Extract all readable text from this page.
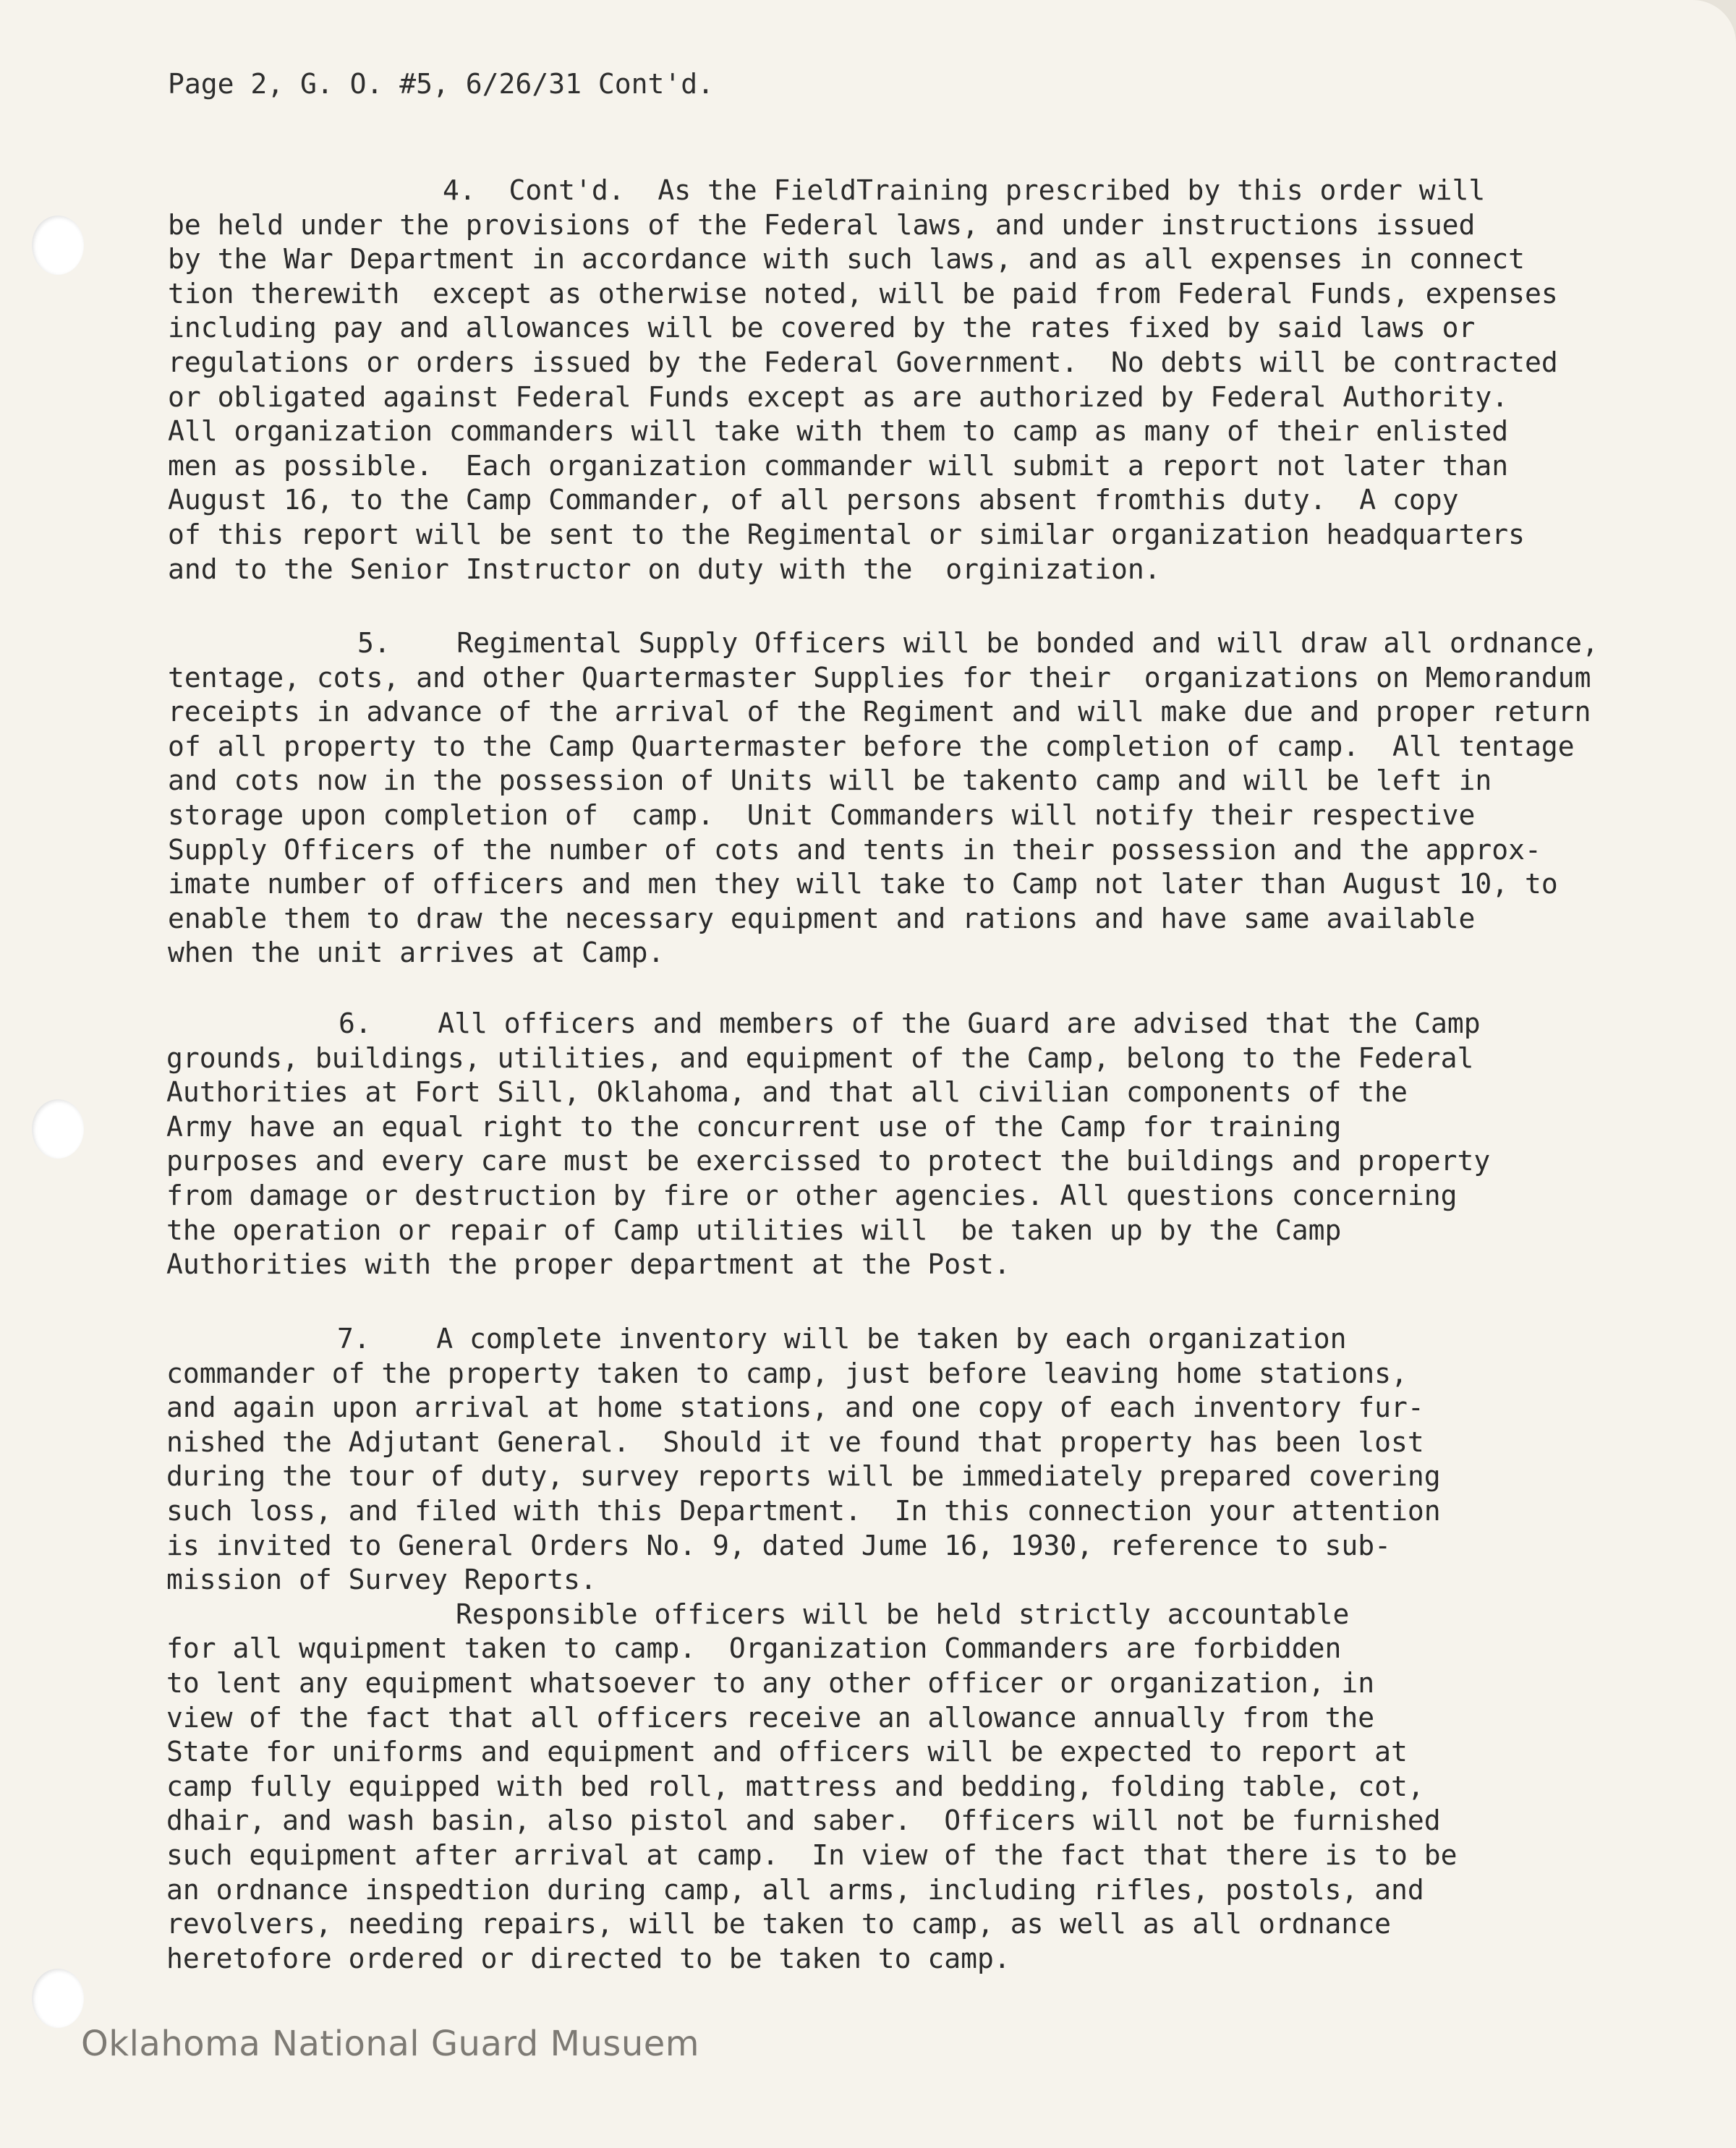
Page 2, G. O. #5, 6/26/31 Cont'd.
4.  Cont'd.  As the FieldTraining prescribed by this order will
be held under the provisions of the Federal laws, and under instructions issued
by the War Department in accordance with such laws, and as all expenses in connect
tion therewith  except as otherwise noted, will be paid from Federal Funds, expenses
including pay and allowances will be covered by the rates fixed by said laws or
regulations or orders issued by the Federal Government.  No debts will be contracted
or obligated against Federal Funds except as are authorized by Federal Authority.
All organization commanders will take with them to camp as many of their enlisted
men as possible.  Each organization commander will submit a report not later than
August 16, to the Camp Commander, of all persons absent fromthis duty.  A copy
of this report will be sent to the Regimental or similar organization headquarters
and to the Senior Instructor on duty with the  orginization.
5.    Regimental Supply Officers will be bonded and will draw all ordnance,
tentage, cots, and other Quartermaster Supplies for their  organizations on Memorandum
receipts in advance of the arrival of the Regiment and will make due and proper return
of all property to the Camp Quartermaster before the completion of camp.  All tentage
and cots now in the possession of Units will be takento camp and will be left in
storage upon completion of  camp.  Unit Commanders will notify their respective
Supply Officers of the number of cots and tents in their possession and the approx-
imate number of officers and men they will take to Camp not later than August 10, to
enable them to draw the necessary equipment and rations and have same available
when the unit arrives at Camp.
6.    All officers and members of the Guard are advised that the Camp
grounds, buildings, utilities, and equipment of the Camp, belong to the Federal
Authorities at Fort Sill, Oklahoma, and that all civilian components of the
Army have an equal right to the concurrent use of the Camp for training
purposes and every care must be exercissed to protect the buildings and property
from damage or destruction by fire or other agencies. All questions concerning
the operation or repair of Camp utilities will  be taken up by the Camp
Authorities with the proper department at the Post.
7.    A complete inventory will be taken by each organization
commander of the property taken to camp, just before leaving home stations,
and again upon arrival at home stations, and one copy of each inventory fur-
nished the Adjutant General.  Should it ve found that property has been lost
during the tour of duty, survey reports will be immediately prepared covering
such loss, and filed with this Department.  In this connection your attention
is invited to General Orders No. 9, dated Jume 16, 1930, reference to sub-
mission of Survey Reports.
Responsible officers will be held strictly accountable
for all wquipment taken to camp.  Organization Commanders are forbidden
to lent any equipment whatsoever to any other officer or organization, in
view of the fact that all officers receive an allowance annually from the
State for uniforms and equipment and officers will be expected to report at
camp fully equipped with bed roll, mattress and bedding, folding table, cot,
dhair, and wash basin, also pistol and saber.  Officers will not be furnished
such equipment after arrival at camp.  In view of the fact that there is to be
an ordnance inspedtion during camp, all arms, including rifles, postols, and
revolvers, needing repairs, will be taken to camp, as well as all ordnance
heretofore ordered or directed to be taken to camp.
Oklahoma National Guard Musuem
